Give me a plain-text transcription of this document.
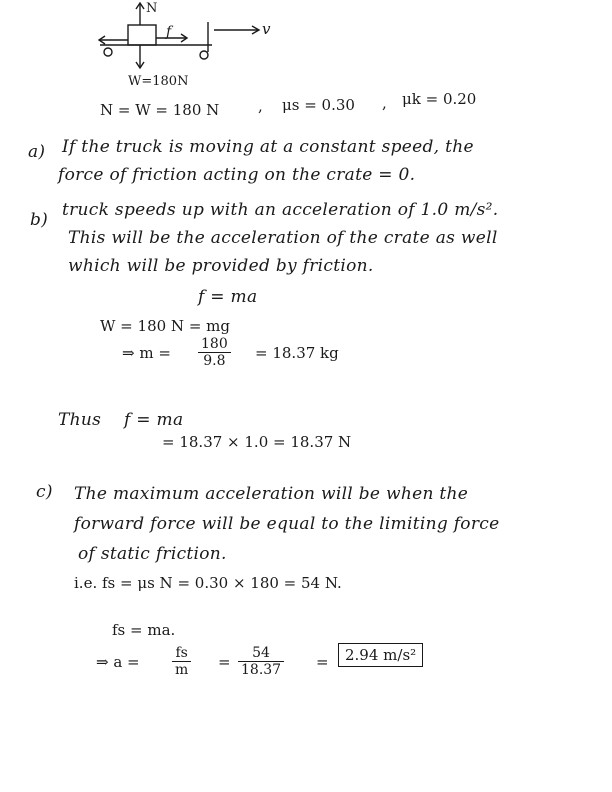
N
f	v
W=180N
N = W = 180 N	, μs = 0.30 , μk = 0.20
a) If the truck is moving at a constant speed, the
force of friction acting on the crate = 0.
b) truck speeds up with an acceleration of 1.0 m/s².
This will be the acceleration of the crate as well
which will be provided by friction.
f = ma
W = 180 N = mg
⇒ $m = \frac{180}{9.8} = 18.37$ kg
Thus f = ma
= 18.37 × 1.0 = 18.37 N
c) The maximum acceleration will be when the
forward force will be equal to the limiting force
of static friction.
i.e. fs = μs N = 0.30 × 180 = 54 N.
fs = ma.
⇒ $a = \frac{fs}{m} = \frac{54}{18.37}$ =	2.94 m/s²
